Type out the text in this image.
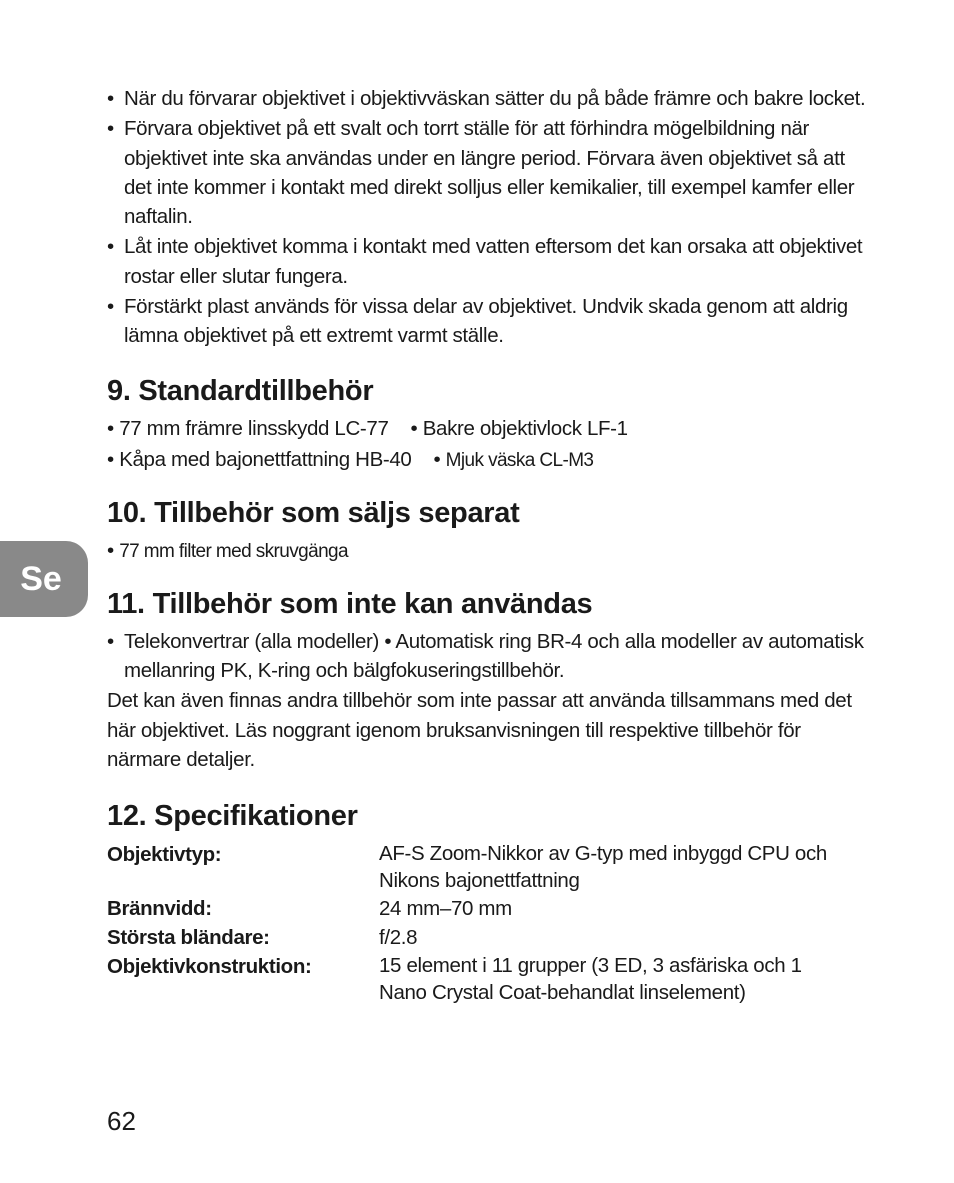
Se
• När du förvarar objektivet i objektivväskan sätter du på både främre och bakre locket.
• Förvara objektivet på ett svalt och torrt ställe för att förhindra mögelbildning när objektivet inte ska användas under en längre period. Förvara även objektivet så att det inte kommer i kontakt med direkt solljus eller kemikalier, till exempel kamfer eller naftalin.
• Låt inte objektivet komma i kontakt med vatten eftersom det kan orsaka att objektivet rostar eller slutar fungera.
• Förstärkt plast används för vissa delar av objektivet. Undvik skada genom att aldrig lämna objektivet på ett extremt varmt ställe.
9. Standardtillbehör
• 77 mm främre linsskydd LC-77 • Bakre objektivlock LF-1
• Kåpa med bajonettfattning HB-40 • Mjuk väska CL-M3
10. Tillbehör som säljs separat
• 77 mm filter med skruvgänga
11. Tillbehör som inte kan användas
• Telekonvertrar (alla modeller) • Automatisk ring BR-4 och alla modeller av automatisk mellanring PK, K-ring och bälgfokuseringstillbehör.

Det kan även finnas andra tillbehör som inte passar att använda tillsammans med det här objektivet. Läs noggrant igenom bruksanvisningen till respektive tillbehör för närmare detaljer.

12. Specifikationer
Objektivtyp:	AF-S Zoom-Nikkor av G-typ med inbyggd CPU och
Nikons bajonettfattning
Brännvidd:	24 mm–70 mm
Största bländare:	f/2.8
Objektivkonstruktion:	15 element i 11 grupper (3 ED, 3 asfäriska och 1
Nano Crystal Coat-behandlat linselement)
62
